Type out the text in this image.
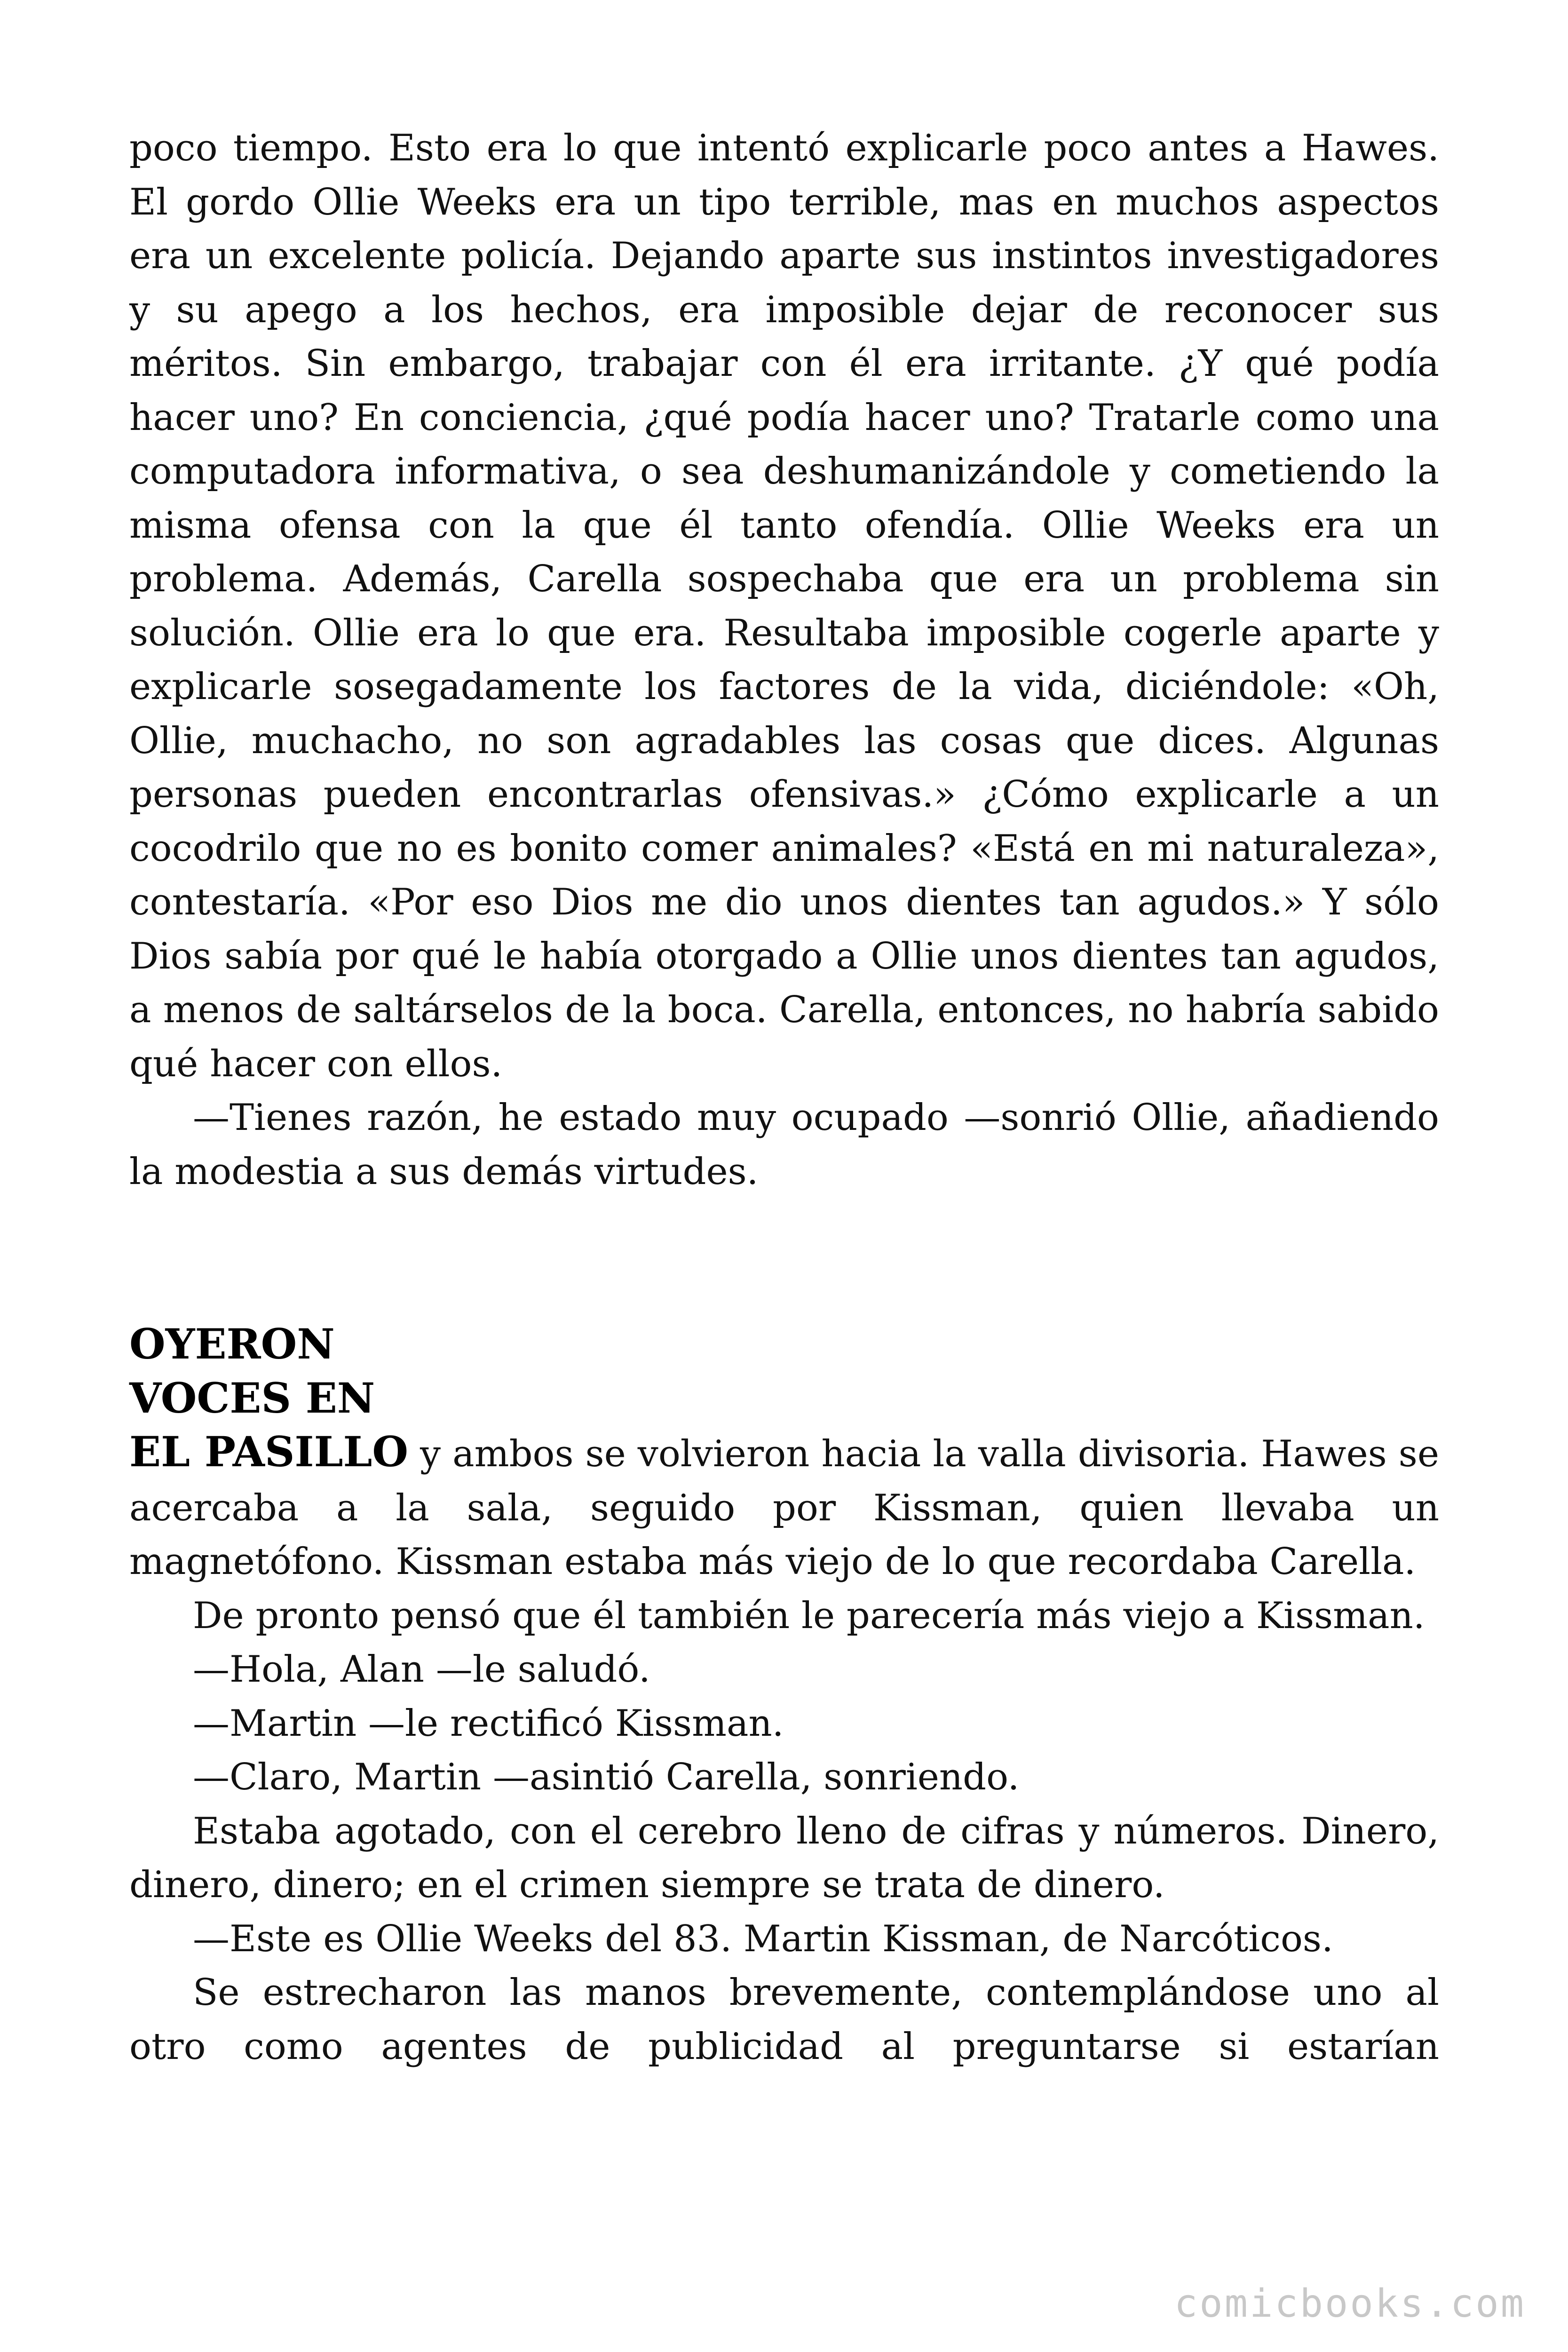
poco tiempo. Esto era lo que intentó explicarle poco antes a Hawes. El gordo Ollie Weeks era un tipo terrible, mas en muchos aspectos era un excelente policía. Dejando aparte sus instintos investigadores y su apego a los hechos, era imposible dejar de reconocer sus méritos. Sin embargo, trabajar con él era irritante. ¿Y qué podía hacer uno? En conciencia, ¿qué podía hacer uno? Tratarle como una computadora informativa, o sea deshumanizándole y cometiendo la misma ofensa con la que él tanto ofendía. Ollie Weeks era un problema. Además, Carella sospechaba que era un problema sin solución. Ollie era lo que era. Resultaba imposible cogerle aparte y explicarle sosegadamente los factores de la vida, diciéndole: «Oh, Ollie, muchacho, no son agradables las cosas que dices. Algunas personas pueden encontrarlas ofensivas.» ¿Cómo explicarle a un cocodrilo que no es bonito comer animales? «Está en mi naturaleza», contestaría. «Por eso Dios me dio unos dientes tan agudos.» Y sólo Dios sabía por qué le había otorgado a Ollie unos dientes tan agudos, a menos de saltárselos de la boca. Carella, entonces, no habría sabido qué hacer con ellos.

—Tienes razón, he estado muy ocupado —sonrió Ollie, añadiendo la modestia a sus demás virtudes.

OYERON
VOCES EN

EL PASILLO y ambos se volvieron hacia la valla divisoria. Hawes se acercaba a la sala, seguido por Kissman, quien llevaba un magnetófono. Kissman estaba más viejo de lo que recordaba Carella.

De pronto pensó que él también le parecería más viejo a Kissman.

—Hola, Alan —le saludó.

—Martin —le rectificó Kissman.

—Claro, Martin —asintió Carella, sonriendo.

Estaba agotado, con el cerebro lleno de cifras y números. Dinero, dinero, dinero; en el crimen siempre se trata de dinero.

—Este es Ollie Weeks del 83. Martin Kissman, de Narcóticos.

Se estrecharon las manos brevemente, contemplándose uno al otro como agentes de publicidad al preguntarse si estarían

comicbooks.com
